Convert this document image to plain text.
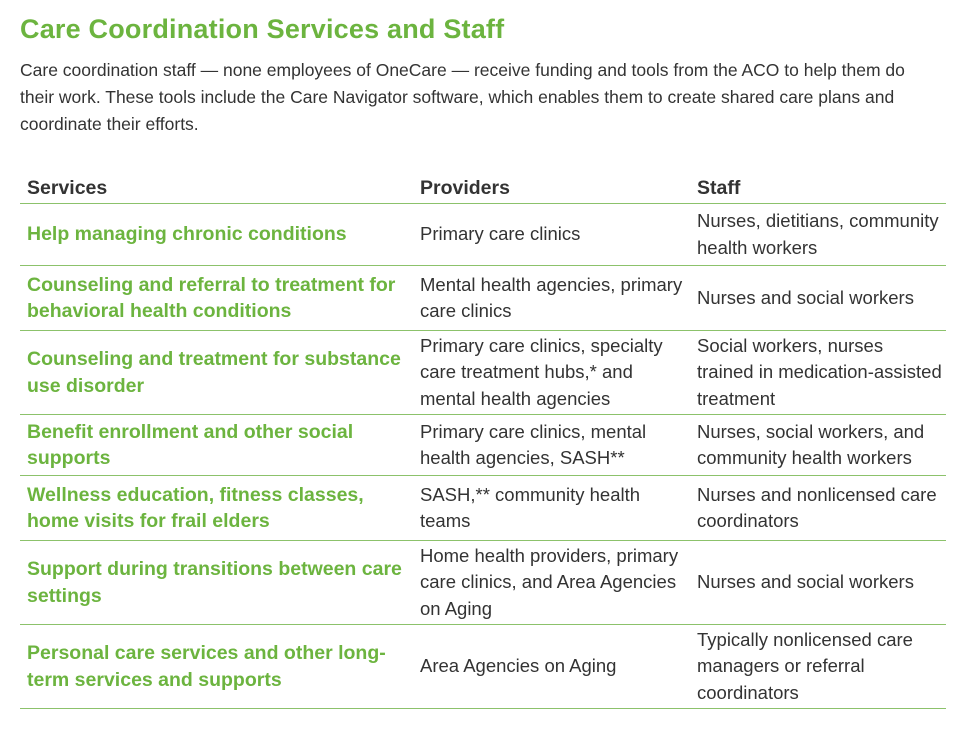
Care Coordination Services and Staff

Care coordination staff — none employees of OneCare — receive funding and tools from the ACO to help them do their work. These tools include the Care Navigator software, which enables them to create shared care plans and coordinate their efforts.

Services	Providers	Staff
Help managing chronic conditions	Primary care clinics	Nurses, dietitians, community health workers
Counseling and referral to treatment for behavioral health conditions	Mental health agencies, primary care clinics	Nurses and social workers
Counseling and treatment for substance use disorder	Primary care clinics, specialty care treatment hubs,* and mental health agencies	Social workers, nurses trained in medication-assisted treatment
Benefit enrollment and other social supports	Primary care clinics, mental health agencies, SASH**	Nurses, social workers, and community health workers
Wellness education, fitness classes, home visits for frail elders	SASH,** community health teams	Nurses and nonlicensed care coordinators
Support during transitions between care settings	Home health providers, primary care clinics, and Area Agencies on Aging	Nurses and social workers
Personal care services and other long-term services and supports	Area Agencies on Aging	Typically nonlicensed care managers or referral coordinators
